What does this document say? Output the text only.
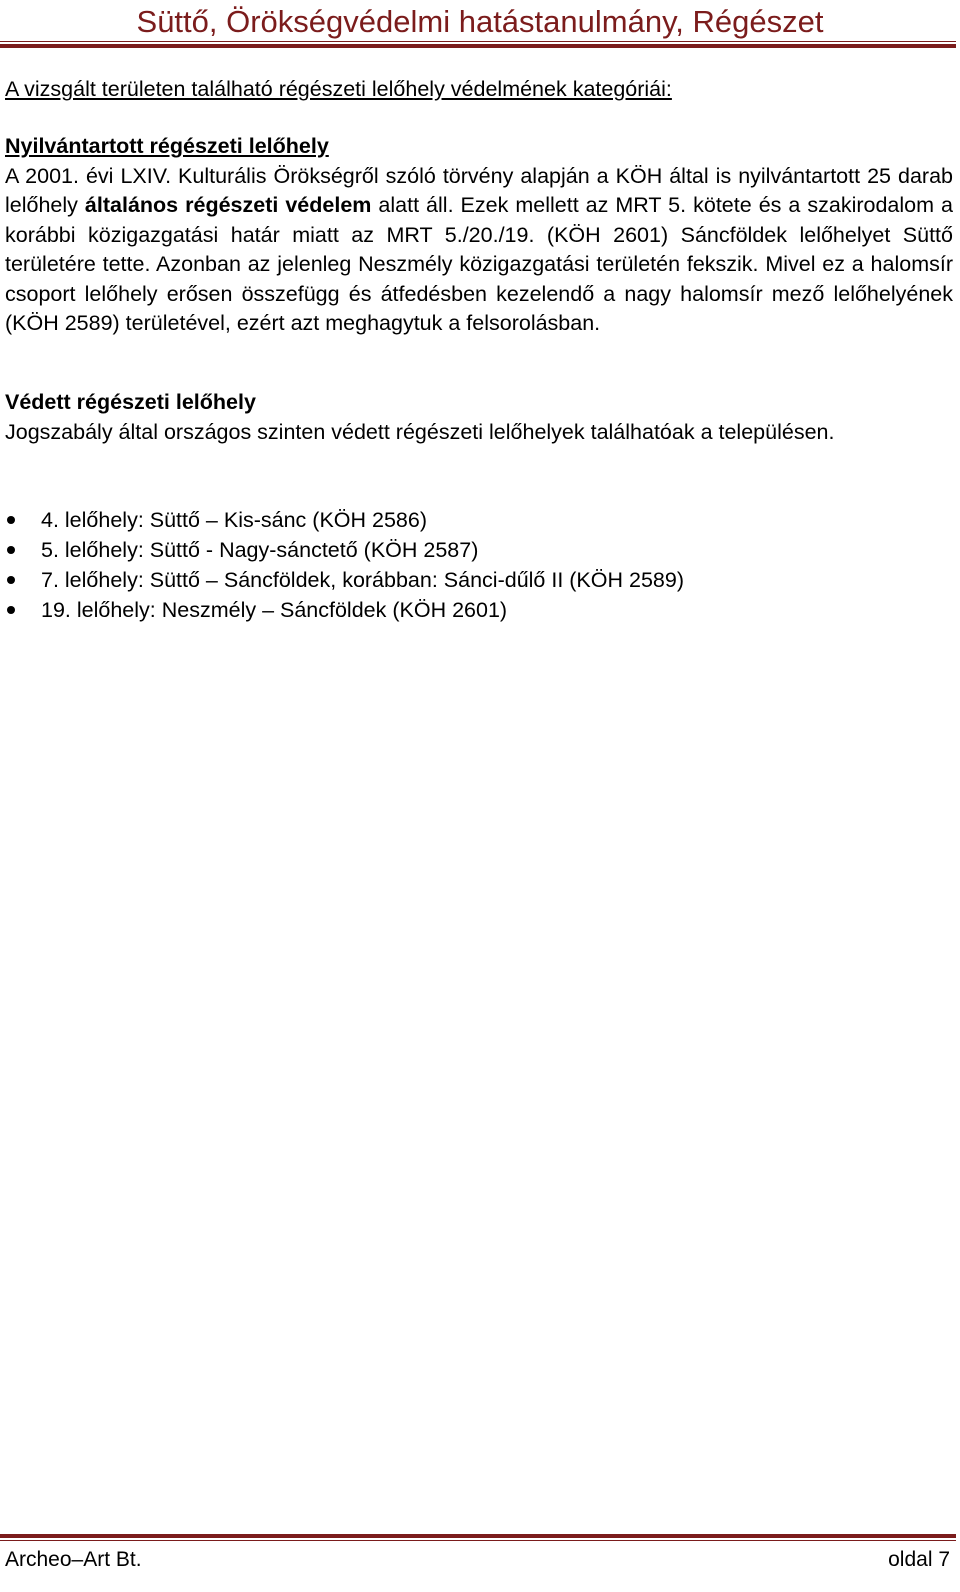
Süttő, Örökségvédelmi hatástanulmány, Régészet
A vizsgált területen található régészeti lelőhely védelmének kategóriái:
Nyilvántartott régészeti lelőhely
A 2001. évi LXIV. Kulturális Örökségről szóló törvény alapján a KÖH által is nyilvántartott 25 darab lelőhely általános régészeti védelem alatt áll. Ezek mellett az MRT 5. kötete és a szakirodalom a korábbi közigazgatási határ miatt az MRT 5./20./19. (KÖH 2601) Sáncföldek lelőhelyet Süttő területére tette. Azonban az jelenleg Neszmély közigazgatási területén fekszik. Mivel ez a halomsír csoport lelőhely erősen összefügg és átfedésben kezelendő a nagy halomsír mező lelőhelyének (KÖH 2589) területével, ezért azt meghagytuk a felsorolásban.
Védett régészeti lelőhely
Jogszabály által országos szinten védett régészeti lelőhelyek találhatóak a településen.
4. lelőhely: Süttő – Kis-sánc (KÖH 2586)
5. lelőhely: Süttő - Nagy-sánctető (KÖH 2587)
7. lelőhely: Süttő – Sáncföldek, korábban: Sánci-dűlő II (KÖH 2589)
19. lelőhely: Neszmély – Sáncföldek (KÖH 2601)
Archeo–Art Bt.	oldal 7
